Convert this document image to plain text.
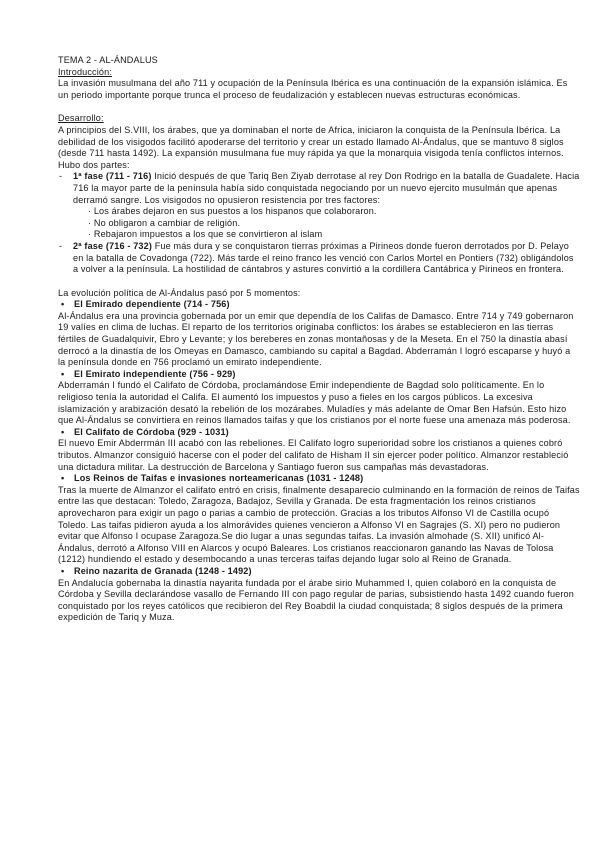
TEMA 2 - AL-ÁNDALUS

Introducción:

La invasión musulmana del año 711 y ocupación de la Península Ibérica es una continuación de la expansión islámica. Es un periodo importante porque trunca el proceso de feudalización y establecen nuevas estructuras económicas.

Desarrollo:

A principios del S.VIII, los árabes, que ya dominaban el norte de Africa, iniciaron la conquista de la Península Ibérica. La debilidad de los visigodos facilitó apoderarse del territorio y crear un estado llamado Al-Ándalus, que se mantuvo 8 siglos (desde 711 hasta 1492). La expansión musulmana fue muy rápida ya que la monarquia visigoda tenía conflictos internos. Hubo dos partes:

-	1ª fase (711 - 716) Inició después de que Tariq Ben Ziyab derrotase al rey Don Rodrigo en la batalla de Guadalete. Hacia 716 la mayor parte de la península había sido conquistada negociando por un nuevo ejercito musulmán que apenas derramó sangre. Los visigodos no opusieron resistencia por tres factores:

· Los árabes dejaron en sus puestos a los hispanos que colaboraron.

· No obligaron a cambiar de religión.

· Rebajaron impuestos a los que se convirtieron al islam

-	2ª fase (716 - 732) Fue más dura y se conquistaron tierras próximas a Pirineos donde fueron derrotados por D. Pelayo en la batalla de Covadonga (722). Más tarde el reino franco les venció con Carlos Mortel en Pontiers (732) obligándolos a volver a la península. La hostilidad de cántabros y astures convirtió a la cordillera Cantábrica y Pirineos en frontera.

La evolución política de Al-Ándalus pasó por 5 momentos:

•	El Emirado dependiente (714 - 756)

Al-Ándalus era una provincia gobernada por un emir que dependía de los Califas de Damasco. Entre 714 y 749 gobernaron 19 valíes en clima de luchas. El reparto de los territorios originaba conflictos: los árabes se establecieron en las tierras fértiles de Guadalquivir, Ebro y Levante; y los bereberes en zonas montañosas y de la Meseta. En el 750 la dinastía abasí derrocó a la dinastía de los Omeyas en Damasco, cambiando su capital a Bagdad. Abderramán I logró escaparse y huyó a la península donde en 756 proclamó un emirato independiente.

•	El Emirato independiente (756 - 929)

Abderramán I fundó el Califato de Córdoba, proclamándose Emir independiente de Bagdad solo políticamente. En lo religioso tenía la autoridad el Califa. El aumentó los impuestos y puso a fieles en los cargos públicos. La excesiva islamización y arabización desató la rebelión de los mozárabes. Muladíes y más adelante de Omar Ben Hafsún. Esto hizo que Al-Ándalus se convirtiera en reinos llamados taifas y que los cristianos por el norte fuese una amenaza más poderosa.

•	El Califato de Córdoba (929 - 1031)

El nuevo Emir Abderrmán III acabó con las rebeliones. El Califato logro superioridad sobre los cristianos a quienes cobró tributos. Almanzor consiguió hacerse con el poder del califato de Hisham II sin ejercer poder político. Almanzor restableció una dictadura militar. La destrucción de Barcelona y Santiago fueron sus campañas más devastadoras.

•	Los Reinos de Taifas e invasiones norteamericanas (1031 - 1248)

Tras la muerte de Almanzor el califato entró en crisis, finalmente desaparecio culminando en la formación de reinos de Taifas entre las que destacan: Toledo, Zaragoza, Badajoz, Sevilla y Granada. De esta fragmentación los reinos cristianos aprovecharon para exigir un pago o parias a cambio de protección. Gracias a los tributos Alfonso VI de Castilla ocupó Toledo. Las taifas pidieron ayuda a los almorávides quienes vencieron a Alfonso VI en Sagrajes (S. XI) pero no pudieron evitar que Alfonso I ocupase Zaragoza.Se dio lugar a unas segundas taifas. La invasión almohade (S. XII) unificó Al-Ándalus, derrotó a Alfonso VIII en Alarcos y ocupó Baleares. Los cristianos reaccionaron ganando las Navas de Tolosa (1212) hundiendo el estado y desembocando a unas terceras taifas dejando lugar solo al Reino de Granada.

•	Reino nazarita de Granada (1248 - 1492)

En Andalucía gobernaba la dinastía nayarita fundada por el árabe sirio Muhammed I, quien colaboró en la conquista de Córdoba y Sevilla declarándose vasallo de Fernando III con pago regular de parias, subsistiendo hasta 1492 cuando fueron conquistado por los reyes católicos que recibieron del Rey Boabdil la ciudad conquistada; 8 siglos después de la primera expedición de Tariq y Muza.
